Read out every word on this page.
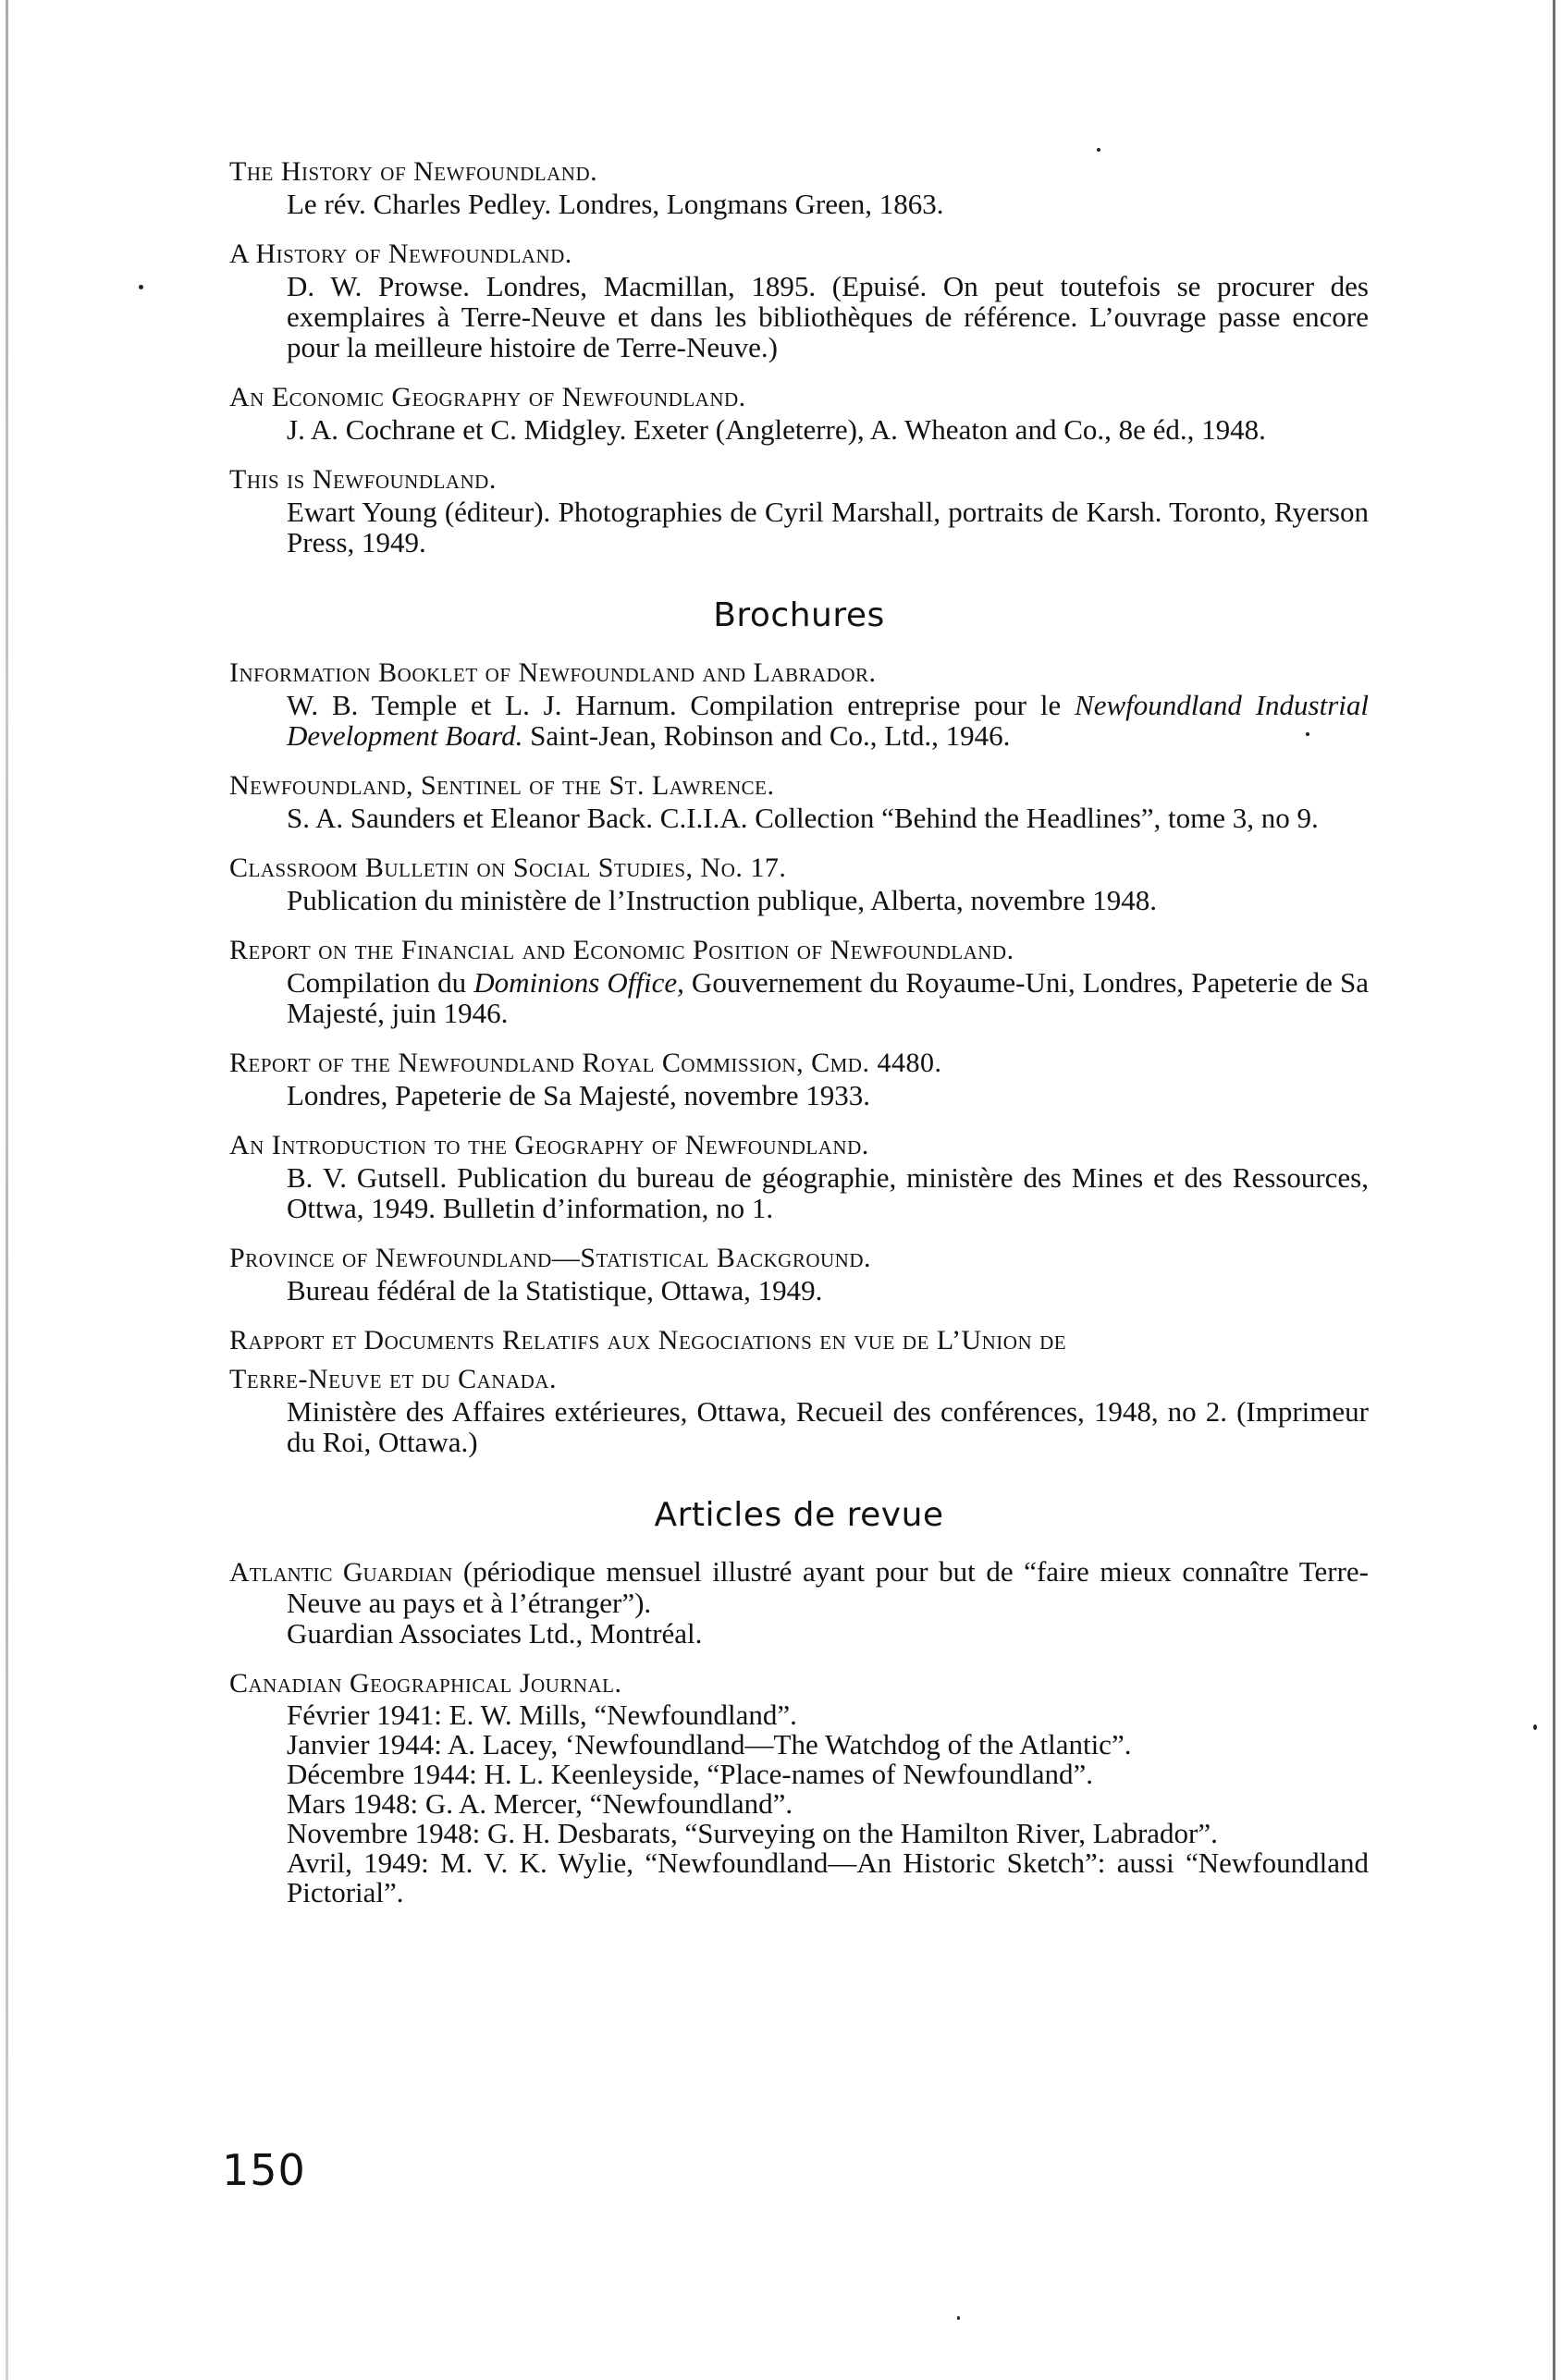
The History of Newfoundland.
Le rév. Charles Pedley. Londres, Longmans Green, 1863.
A History of Newfoundland.
D. W. Prowse. Londres, Macmillan, 1895. (Epuisé. On peut toutefois se procurer des exemplaires à Terre-Neuve et dans les bibliothèques de référence. L’ouvrage passe encore pour la meilleure histoire de Terre-Neuve.)
An Economic Geography of Newfoundland.
J. A. Cochrane et C. Midgley. Exeter (Angleterre), A. Wheaton and Co., 8e éd., 1948.
This is Newfoundland.
Ewart Young (éditeur). Photographies de Cyril Marshall, portraits de Karsh. Toronto, Ryerson Press, 1949.
Brochures
Information Booklet of Newfoundland and Labrador.
W. B. Temple et L. J. Harnum. Compilation entreprise pour le Newfoundland Industrial Development Board. Saint-Jean, Robinson and Co., Ltd., 1946.
Newfoundland, Sentinel of the St. Lawrence.
S. A. Saunders et Eleanor Back. C.I.I.A. Collection “Behind the Headlines”, tome 3, no 9.
Classroom Bulletin on Social Studies, No. 17.
Publication du ministère de l’Instruction publique, Alberta, novembre 1948.
Report on the Financial and Economic Position of Newfoundland.
Compilation du Dominions Office, Gouvernement du Royaume-Uni, Londres, Papeterie de Sa Majesté, juin 1946.
Report of the Newfoundland Royal Commission, Cmd. 4480.
Londres, Papeterie de Sa Majesté, novembre 1933.
An Introduction to the Geography of Newfoundland.
B. V. Gutsell. Publication du bureau de géographie, ministère des Mines et des Ressources, Ottwa, 1949. Bulletin d’information, no 1.
Province of Newfoundland—Statistical Background.
Bureau fédéral de la Statistique, Ottawa, 1949.
Rapport et Documents Relatifs aux Negociations en vue de L’Union de
Terre-Neuve et du Canada.
Ministère des Affaires extérieures, Ottawa, Recueil des conférences, 1948, no 2. (Imprimeur du Roi, Ottawa.)
Articles de revue
Atlantic Guardian (périodique mensuel illustré ayant pour but de “faire mieux connaître Terre-Neuve au pays et à l’étranger”).
Guardian Associates Ltd., Montréal.
Canadian Geographical Journal.
Février 1941: E. W. Mills, “Newfoundland”.
Janvier 1944: A. Lacey, ‘Newfoundland—The Watchdog of the Atlantic”.
Décembre 1944: H. L. Keenleyside, “Place-names of Newfoundland”.
Mars 1948: G. A. Mercer, “Newfoundland”.
Novembre 1948: G. H. Desbarats, “Surveying on the Hamilton River, Labrador”.
Avril, 1949: M. V. K. Wylie, “Newfoundland—An Historic Sketch”: aussi “Newfoundland Pictorial”.
150
